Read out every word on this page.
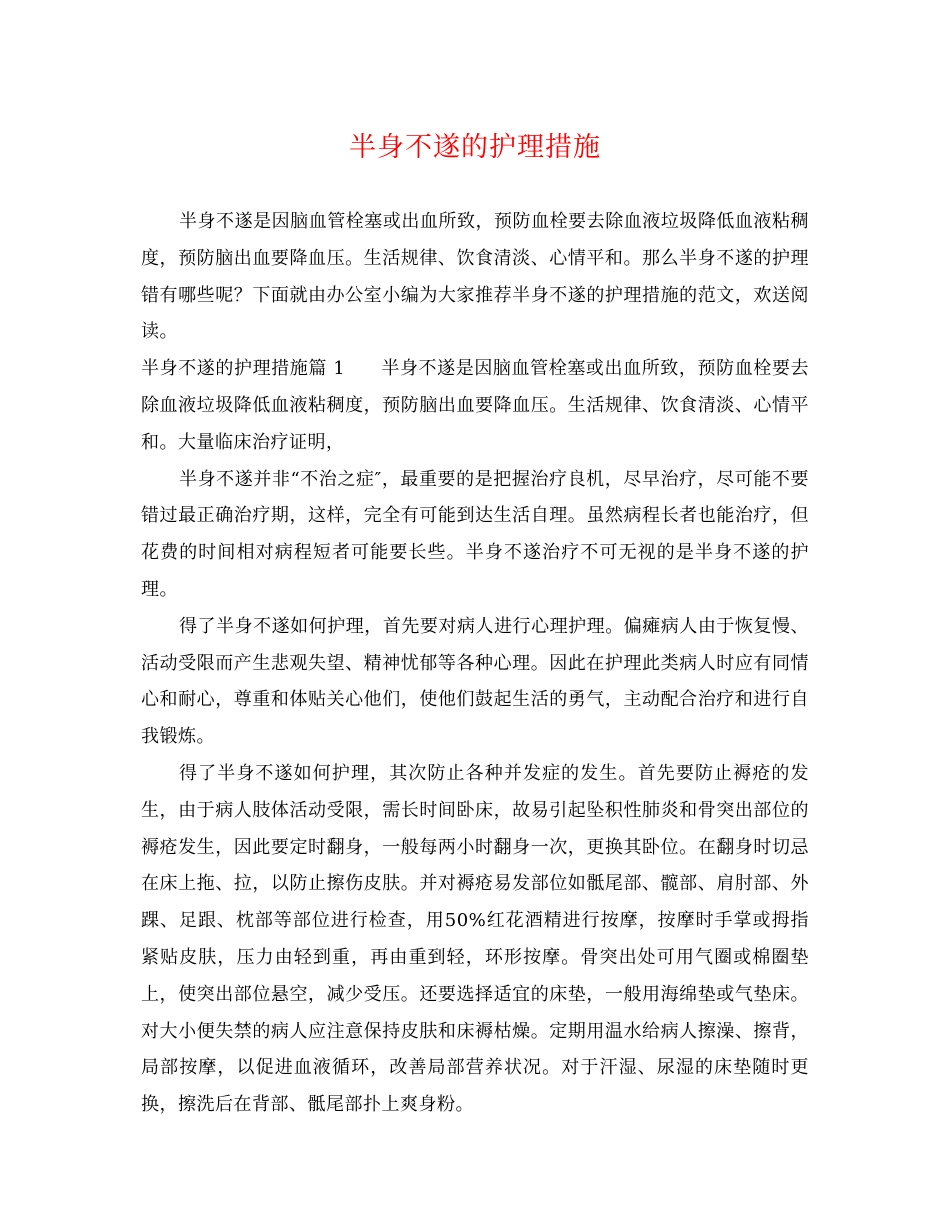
半身不遂的护理措施

半身不遂是因脑血管栓塞或出血所致，预防血栓要去除血液垃圾降低血液粘稠度，预防脑出血要降血压。生活规律、饮食清淡、心情平和。那么半身不遂的护理错有哪些呢？下面就由办公室小编为大家推荐半身不遂的护理措施的范文，欢送阅读。

半身不遂的护理措施篇 1 半身不遂是因脑血管栓塞或出血所致，预防血栓要去除血液垃圾降低血液粘稠度，预防脑出血要降血压。生活规律、饮食清淡、心情平和。大量临床治疗证明，

半身不遂并非“不治之症″，最重要的是把握治疗良机，尽早治疗，尽可能不要错过最正确治疗期，这样，完全有可能到达生活自理。虽然病程长者也能治疗，但花费的时间相对病程短者可能要长些。半身不遂治疗不可无视的是半身不遂的护理。

得了半身不遂如何护理，首先要对病人进行心理护理。偏瘫病人由于恢复慢、活动受限而产生悲观失望、精神忧郁等各种心理。因此在护理此类病人时应有同情心和耐心，尊重和体贴关心他们，使他们鼓起生活的勇气，主动配合治疗和进行自我锻炼。

得了半身不遂如何护理，其次防止各种并发症的发生。首先要防止褥疮的发生，由于病人肢体活动受限，需长时间卧床，故易引起坠积性肺炎和骨突出部位的褥疮发生，因此要定时翻身，一般每两小时翻身一次，更换其卧位。在翻身时切忌在床上拖、拉，以防止擦伤皮肤。并对褥疮易发部位如骶尾部、髋部、肩肘部、外踝、足跟、枕部等部位进行检查，用50%红花酒精进行按摩，按摩时手掌或拇指紧贴皮肤，压力由轻到重，再由重到轻，环形按摩。骨突出处可用气圈或棉圈垫上，使突出部位悬空，减少受压。还要选择适宜的床垫，一般用海绵垫或气垫床。对大小便失禁的病人应注意保持皮肤和床褥枯燥。定期用温水给病人擦澡、擦背，局部按摩，以促进血液循环，改善局部营养状况。对于汗湿、尿湿的床垫随时更换，擦洗后在背部、骶尾部扑上爽身粉。
